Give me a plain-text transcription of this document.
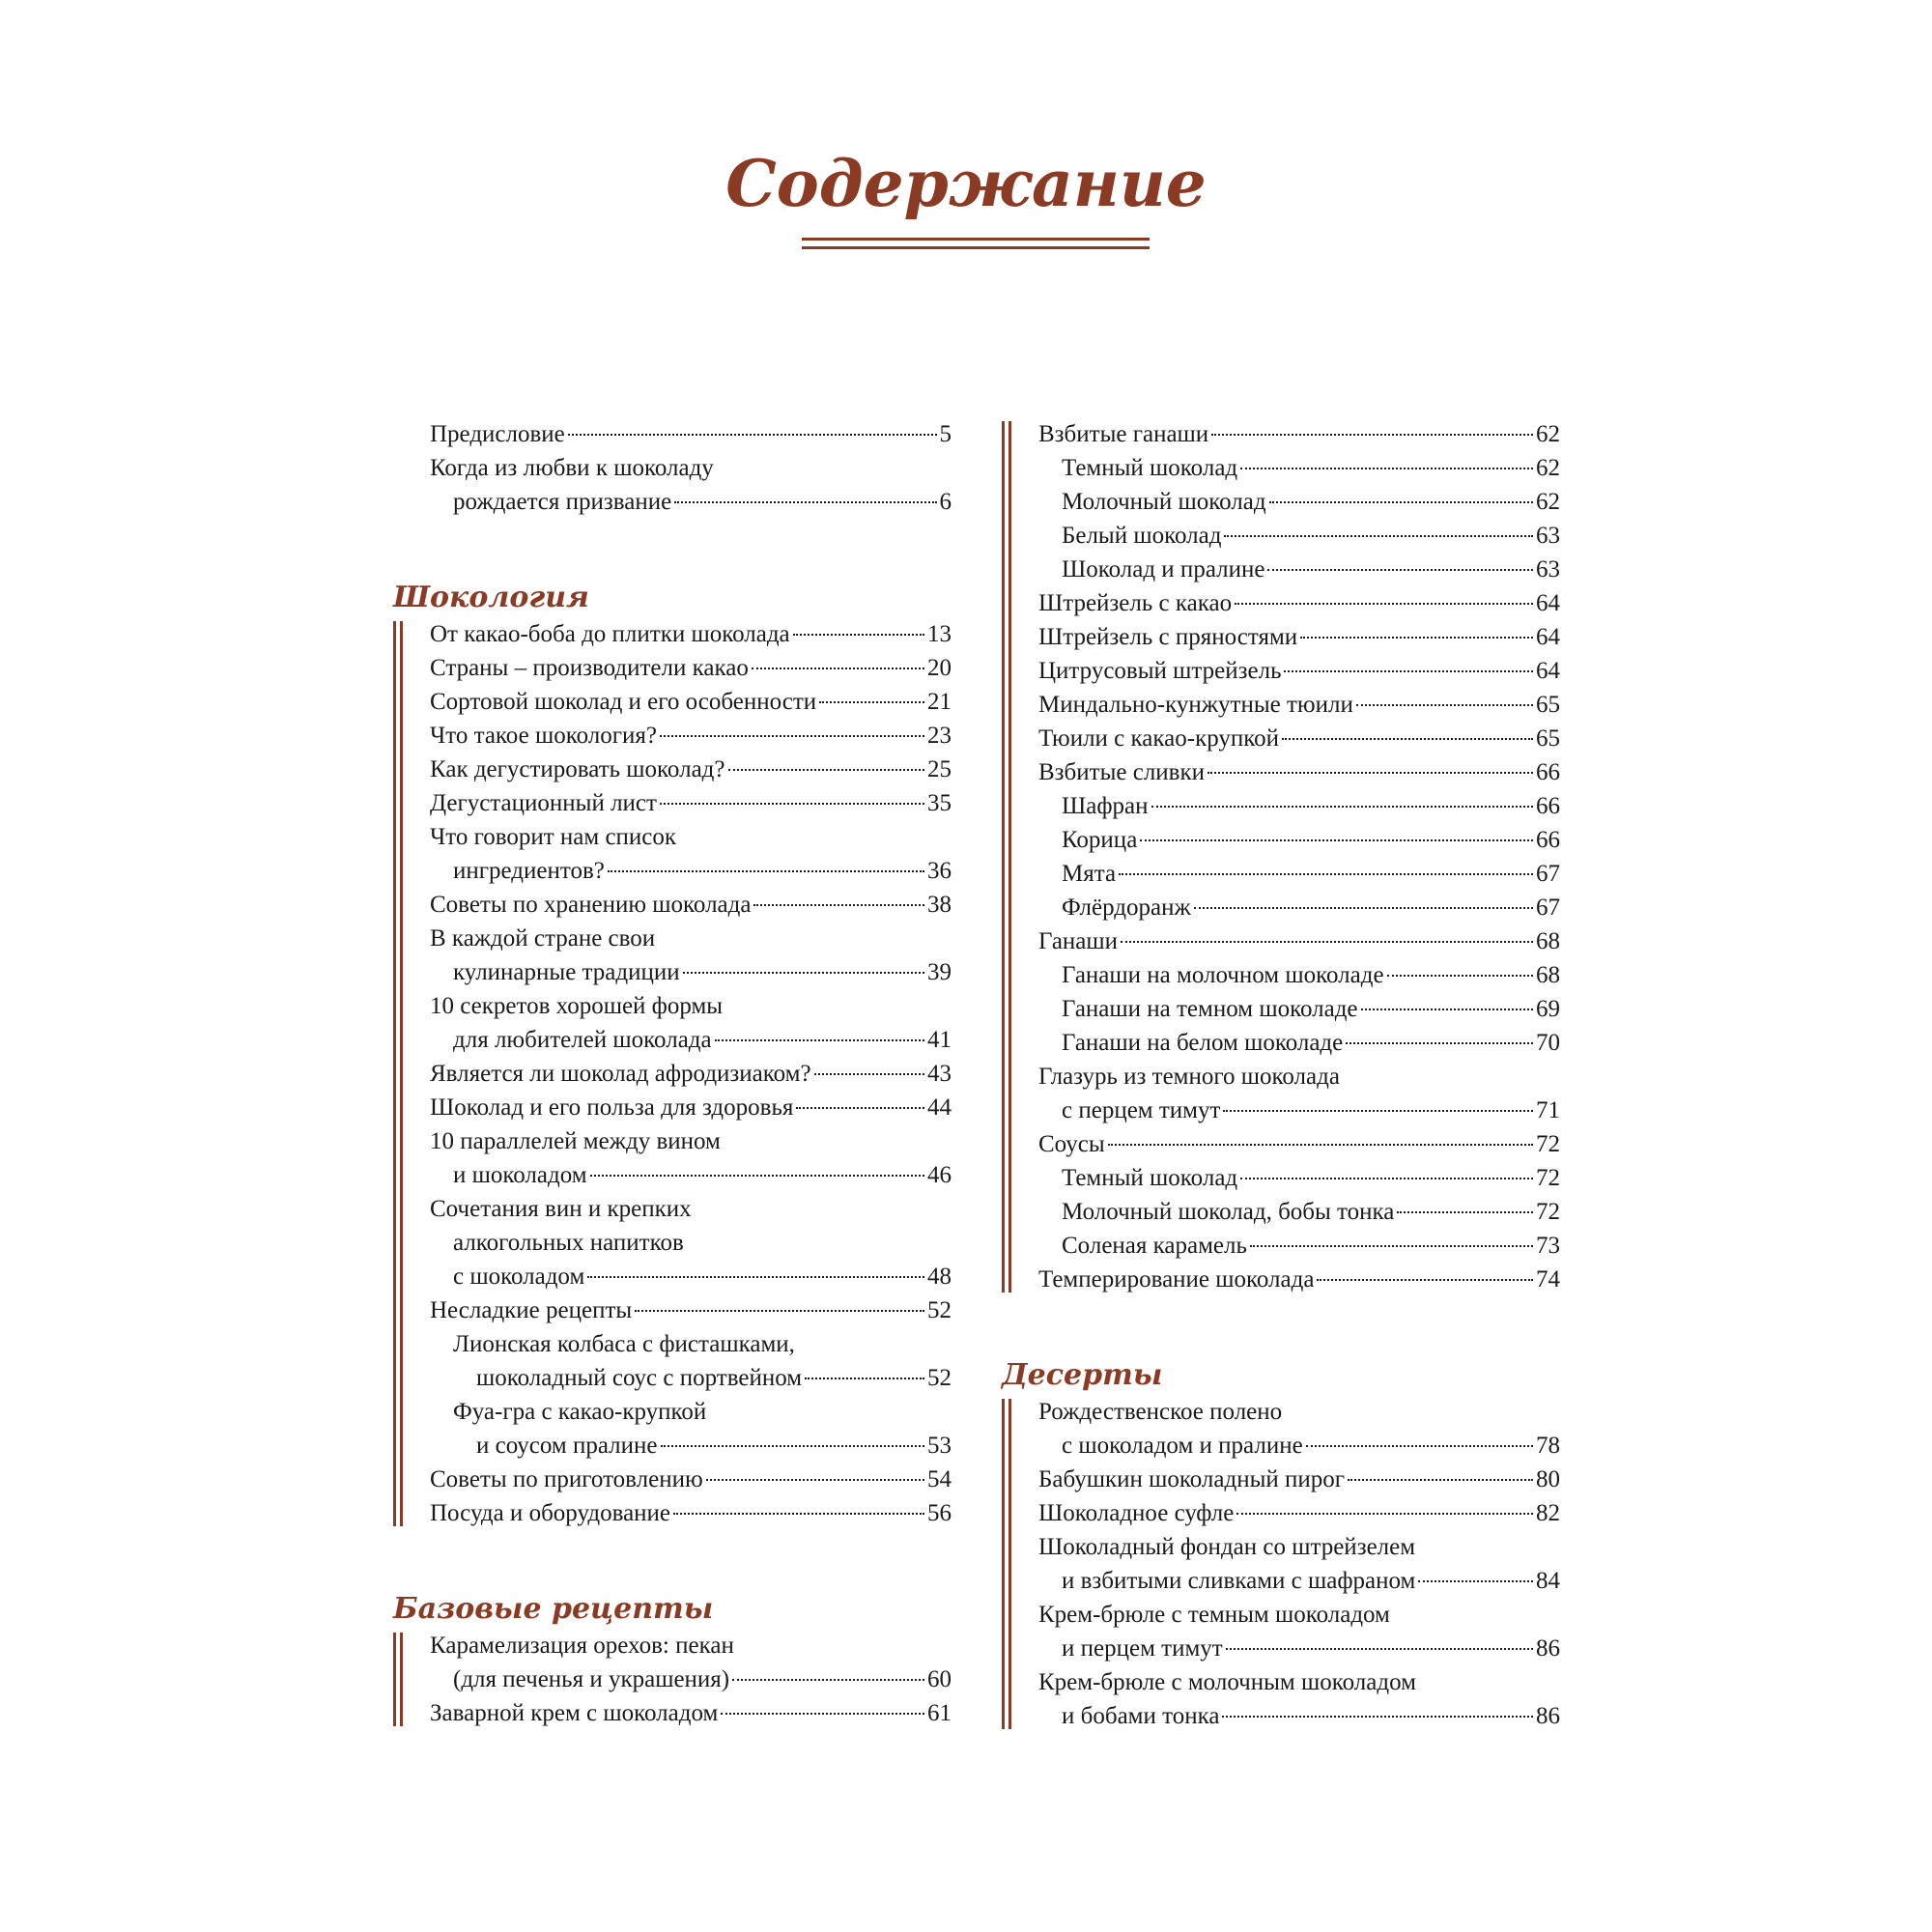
Содержание
Предисловие	5
Когда из любви к шоколаду
рождается призвание	6
Шокология
От какао-боба до плитки шоколада	13
Страны – производители какао	20
Сортовой шоколад и его особенности	21
Что такое шокология?	23
Как дегустировать шоколад?	25
Дегустационный лист	35
Что говорит нам список
ингредиентов?	36
Советы по хранению шоколада	38
В каждой стране свои
кулинарные традиции	39
10 секретов хорошей формы
для любителей шоколада	41
Является ли шоколад афродизиаком?	43
Шоколад и его польза для здоровья	44
10 параллелей между вином
и шоколадом	46
Сочетания вин и крепких
алкогольных напитков
с шоколадом	48
Несладкие рецепты	52
Лионская колбаса с фисташками,
шоколадный соус с портвейном	52
Фуа-гра с какао-крупкой
и соусом пралине	53
Советы по приготовлению	54
Посуда и оборудование	56
Базовые рецепты
Карамелизация орехов: пекан
(для печенья и украшения)	60
Заварной крем с шоколадом	61
Взбитые ганаши	62
Темный шоколад	62
Молочный шоколад	62
Белый шоколад	63
Шоколад и пралине	63
Штрейзель с какао	64
Штрейзель с пряностями	64
Цитрусовый штрейзель	64
Миндально-кунжутные тюили	65
Тюили с какао-крупкой	65
Взбитые сливки	66
Шафран	66
Корица	66
Мята	67
Флёрдоранж	67
Ганаши	68
Ганаши на молочном шоколаде	68
Ганаши на темном шоколаде	69
Ганаши на белом шоколаде	70
Глазурь из темного шоколада
с перцем тимут	71
Соусы	72
Темный шоколад	72
Молочный шоколад, бобы тонка	72
Соленая карамель	73
Темперирование шоколада	74
Десерты
Рождественское полено
с шоколадом и пралине	78
Бабушкин шоколадный пирог	80
Шоколадное суфле	82
Шоколадный фондан со штрейзелем
и взбитыми сливками с шафраном	84
Крем-брюле с темным шоколадом
и перцем тимут	86
Крем-брюле с молочным шоколадом
и бобами тонка	86
